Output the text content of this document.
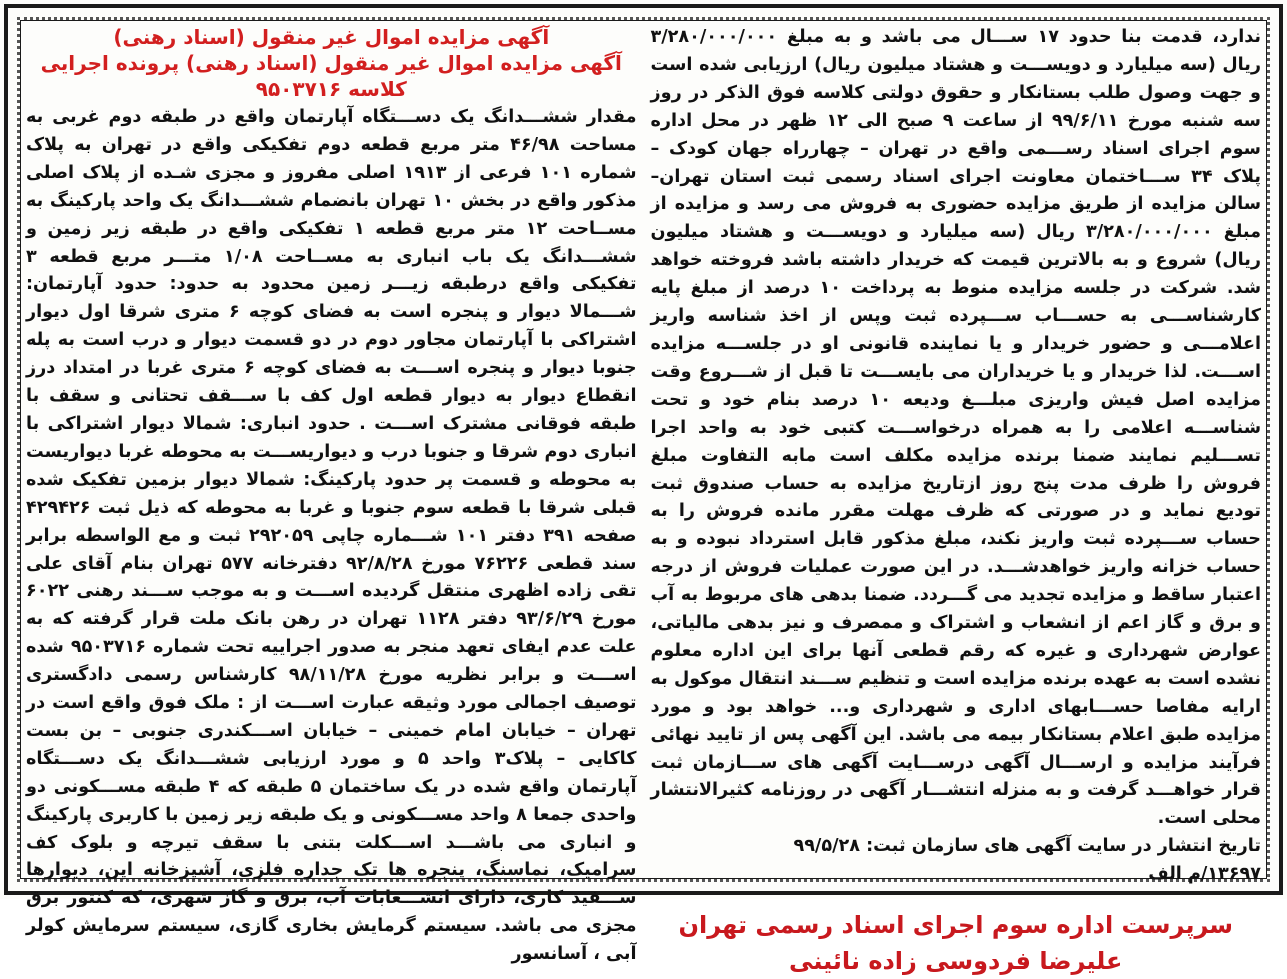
آگهی مزایده اموال غیر منقول (اسناد رهنی)
آگهی مزایده اموال غیر منقول (اسناد رهنی) پرونده اجرایی
کلاسه ۹۵۰۳۷۱۶
مقدار ششـــدانگ یک دســـتگاه آپارتمان واقع در طبقه دوم غربی به مساحت ۴۶/۹۸ متر مربع قطعه دوم تفکیکی واقع در تهران به پلاک شماره ۱۰۱ فرعی از ۱۹۱۳ اصلی مفروز و مجزی شـده از پلاک اصلی مذکور واقع در بخش ۱۰ تهران بانضمام ششـــدانگ یک واحد پارکینگ به مســاحت ۱۲ متر مربع قطعه ۱ تفکیکی واقع در طبقه زیر زمین و ششـــدانگ یک باب انباری به مســاحت ۱/۰۸ متـــر مربع قطعه ۳ تفکیکی واقع درطبقه زیـــر زمین محدود به حدود: حدود آپارتمان: شـــمالا دیوار و پنجره است به فضای کوچه ۶ متری شرقا اول دیوار اشتراکی با آپارتمان مجاور دوم در دو قسمت دیوار و درب است به پله جنوبا دیوار و پنجره اســـت به فضای کوچه ۶ متری غربا در امتداد درز انقطاع دیوار به دیوار قطعه اول کف با ســـقف تحتانی و سقف با طبقه فوقانی مشترک اســـت . حدود انباری: شمالا دیوار اشتراکی با انباری دوم شرقا و جنوبا درب و دیواریســـت به محوطه غربا دیواریست به محوطه و قسمت پر حدود پارکینگ: شمالا دیوار بزمین تفکیک شده قبلی شرقا با قطعه سوم جنوبا و غربا به محوطه که ذیل ثبت ۴۲۹۴۲۶ صفحه ۳۹۱ دفتر ۱۰۱ شـــماره چاپی ۲۹۲۰۵۹ ثبت و مع الواسطه برابر سند قطعی ۷۶۲۲۶ مورخ ۹۲/۸/۲۸ دفترخانه ۵۷۷ تهران بنام آقای علی تقی زاده اظهری منتقل گردیده اســـت و به موجب ســـند رهنی ۶۰۲۲ مورخ ۹۳/۶/۲۹ دفتر ۱۱۲۸ تهران در رهن بانک ملت قرار گرفته که به علت عدم ایفای تعهد منجر به صدور اجراییه تحت شماره ۹۵۰۳۷۱۶ شده اســـت و برابر نظریه مورخ ۹۸/۱۱/۲۸ کارشناس رسمی دادگستری توصیف اجمالی مورد وثیقه عبارت اســـت از : ملک فوق واقع است در تهران – خیابان امام خمینی – خیابان اســـکندری جنوبی – بن بست کاکایی – پلاک۳ واحد ۵ و مورد ارزیابی ششـــدانگ یک دســـتگاه آپارتمان واقع شده در یک ساختمان ۵ طبقه که ۴ طبقه مســـکونی دو واحدی جمعا ۸ واحد مســـکونی و یک طبقه زیر زمین با کاربری پارکینگ و انباری می باشـــد اســـکلت بتنی با سقف تیرچه و بلوک کف سرامیک، نماسنگ، پنجره ها تک جداره فلزی، آشپزخانه اپن، دیوارها ســـفید کاری، دارای انشـــعابات آب، برق و گاز شهری، که کنتور برق مجزی می باشد. سیستم گرمایش بخاری گازی، سیستم سرمایش کولر آبی ، آسانسور
ندارد، قدمت بنا حدود ۱۷ ســـال می باشد و به مبلغ ۳/۲۸۰/۰۰۰/۰۰۰ ریال (سه میلیارد و دویســـت و هشتاد میلیون ریال) ارزیابی شده است و جهت وصول طلب بستانکار و حقوق دولتی کلاسه فوق الذکر در روز سه شنبه مورخ ۹۹/۶/۱۱ از ساعت ۹ صبح الی ۱۲ ظهر در محل اداره سوم اجرای اسناد رســـمی واقع در تهران – چهارراه جهان کودک – پلاک ۳۴ ســـاختمان معاونت اجرای اسناد رسمی ثبت استان تهران– سالن مزایده از طریق مزایده حضوری به فروش می رسد و مزایده از مبلغ ۳/۲۸۰/۰۰۰/۰۰۰ ریال (سه میلیارد و دویســـت و هشتاد میلیون ریال) شروع و به بالاترین قیمت که خریدار داشته باشد فروخته خواهد شد. شرکت در جلسه مزایده منوط به پرداخت ۱۰ درصد از مبلغ پایه کارشناســـی به حســـاب ســـپرده ثبت وپس از اخذ شناسه واریز اعلامـــی و حضور خریدار و یا نماینده قانونی او در جلســـه مزایده اســـت. لذا خریدار و یا خریداران می بایســـت تا قبل از شـــروع وقت مزایده اصل فیش واریزی مبلـــغ ودیعه ۱۰ درصد بنام خود و تحت شناســـه اعلامی را به همراه درخواســـت کتبی خود به واحد اجرا تســـلیم نمایند ضمنا برنده مزایده مکلف است مابه التفاوت مبلغ فروش را ظرف مدت پنج روز ازتاریخ مزایده به حساب صندوق ثبت توديع نمايد و در صورتی که ظرف مهلت مقرر مانده فروش را به حساب ســـپرده ثبت واریز نکند، مبلغ مذکور قابل استرداد نبوده و به حساب خزانه واریز خواهدشـــد. در این صورت عملیات فروش از درجه اعتبار ساقط و مزایده تجدید می گـــردد. ضمنا بدهی های مربوط به آب و برق و گاز اعم از انشعاب و اشتراک و ممصرف و نیز بدهی مالیاتی، عوارض شهرداری و غیره که رقم قطعی آنها برای این اداره معلوم نشده است به عهده برنده مزایده است و تنظیم ســـند انتقال موکول به ارایه مفاصا حســـابهای اداری و شهرداری و... خواهد بود و مورد مزایده طبق اعلام بستانکار بیمه می باشد. این آگهی پس از تایید نهائی فرآیند مزایده و ارســـال آگهی درســـایت آگهی های ســـازمان ثبت قرار خواهـــد گرفت و به منزله انتشـــار آگهی در روزنامه کثیرالانتشار محلی است.
تاریخ انتشار در سایت آگهی های سازمان ثبت: ۹۹/۵/۲۸
۱۳۶۹۷/م الف
سرپرست اداره سوم اجرای اسناد رسمی تهران
علیرضا فردوسی زاده نائینی
